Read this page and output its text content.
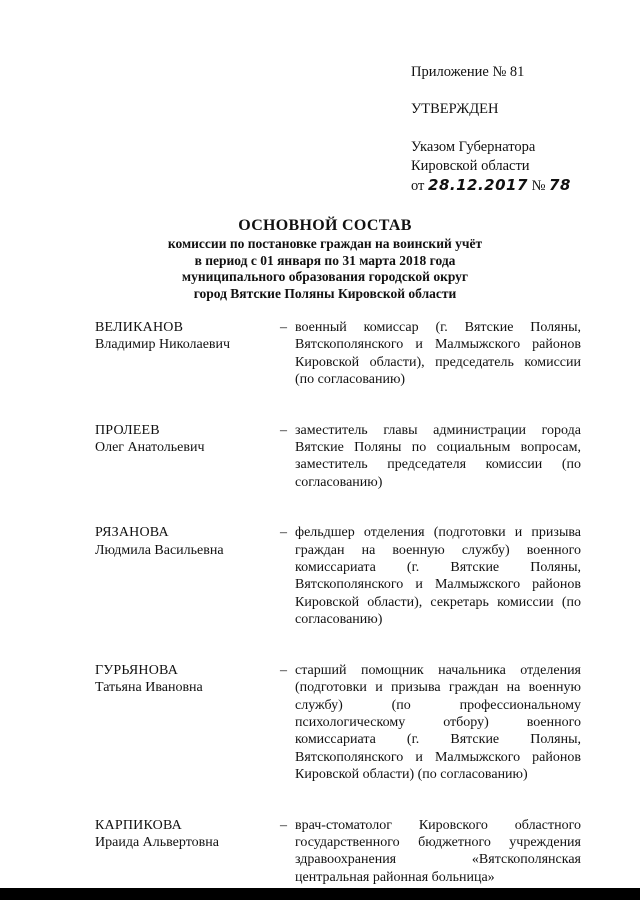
Приложение № 81
УТВЕРЖДЕН
Указом Губернатора
Кировской области
от 28.12.2017 № 78
ОСНОВНОЙ СОСТАВ
комиссии по постановке граждан на воинский учёт
в период с 01 января по 31 марта 2018 года
муниципального образования городской округ
город Вятские Поляны Кировской области
ВЕЛИКАНОВ
Владимир Николаевич
– военный комиссар (г. Вятские Поляны, Вятскополянского и Малмыжского районов Кировской области), председатель комиссии (по согласованию)
ПРОЛЕЕВ
Олег Анатольевич
– заместитель главы администрации города Вятские Поляны по социальным вопросам, заместитель председателя комиссии (по согласованию)
РЯЗАНОВА
Людмила Васильевна
– фельдшер отделения (подготовки и призыва граждан на военную службу) военного комиссариата (г. Вятские Поляны, Вятскополянского и Малмыжского районов Кировской области), секретарь комиссии (по согласованию)
ГУРЬЯНОВА
Татьяна Ивановна
– старший помощник начальника отделения (подготовки и призыва граждан на военную службу) (по профессиональному психологическому отбору) военного комиссариата (г. Вятские Поляны, Вятскополянского и Малмыжского районов Кировской области) (по согласованию)
КАРПИКОВА
Ираида Альвертовна
– врач-стоматолог Кировского областного государственного бюджетного учреждения здравоохранения «Вятскополянская центральная районная больница»
